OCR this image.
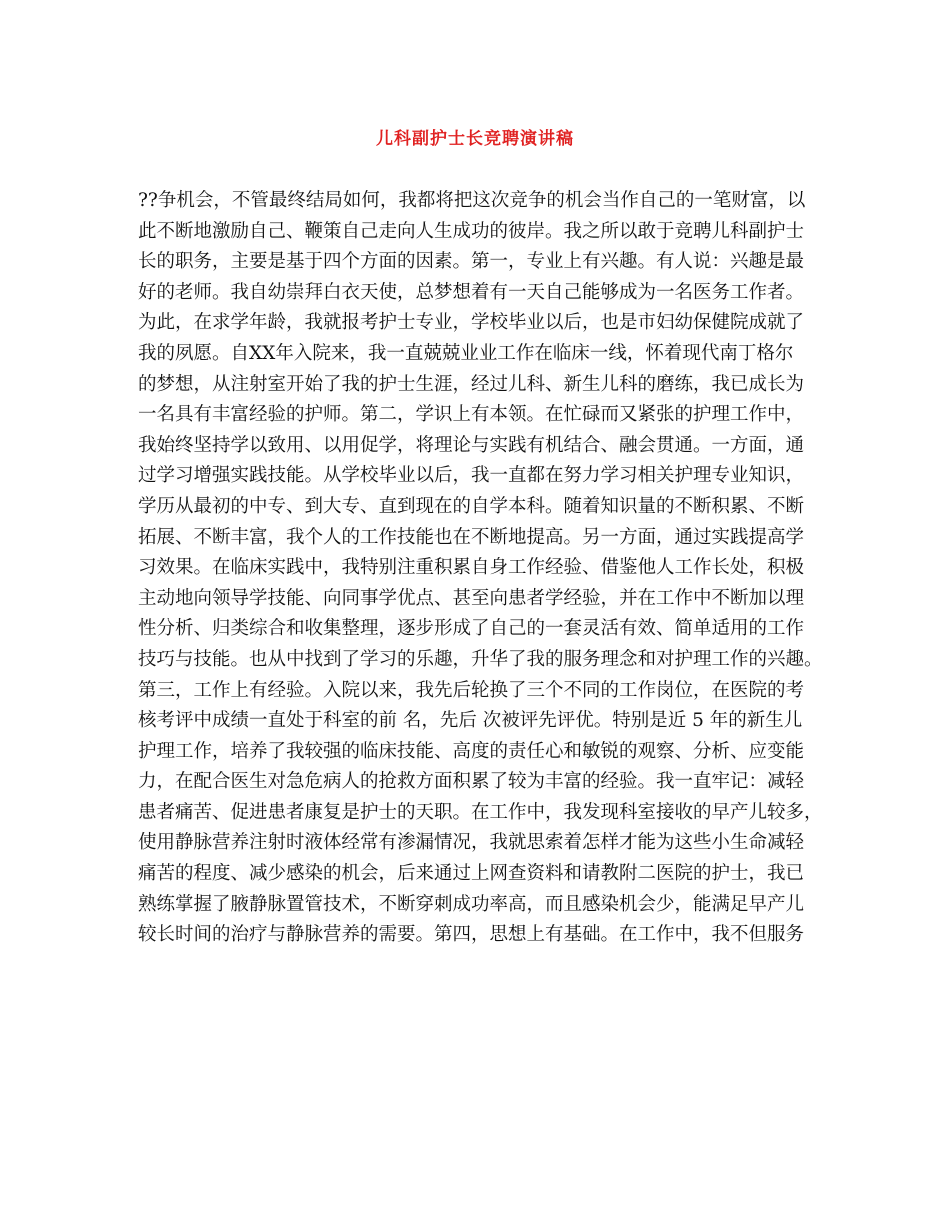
儿科副护士长竞聘演讲稿
??争机会，不管最终结局如何，我都将把这次竞争的机会当作自己的一笔财富，以
此不断地激励自己、鞭策自己走向人生成功的彼岸。我之所以敢于竞聘儿科副护士
长的职务，主要是基于四个方面的因素。第一，专业上有兴趣。有人说：兴趣是最
好的老师。我自幼崇拜白衣天使，总梦想着有一天自己能够成为一名医务工作者。
为此，在求学年龄，我就报考护士专业，学校毕业以后，也是市妇幼保健院成就了
我的夙愿。自XX年入院来，我一直兢兢业业工作在临床一线，怀着现代南丁格尔
的梦想，从注射室开始了我的护士生涯，经过儿科、新生儿科的磨练，我已成长为
一名具有丰富经验的护师。第二，学识上有本领。在忙碌而又紧张的护理工作中，
我始终坚持学以致用、以用促学，将理论与实践有机结合、融会贯通。一方面，通
过学习增强实践技能。从学校毕业以后，我一直都在努力学习相关护理专业知识，
学历从最初的中专、到大专、直到现在的自学本科。随着知识量的不断积累、不断
拓展、不断丰富，我个人的工作技能也在不断地提高。另一方面，通过实践提高学
习效果。在临床实践中，我特别注重积累自身工作经验、借鉴他人工作长处，积极
主动地向领导学技能、向同事学优点、甚至向患者学经验，并在工作中不断加以理
性分析、归类综合和收集整理，逐步形成了自己的一套灵活有效、简单适用的工作
技巧与技能。也从中找到了学习的乐趣，升华了我的服务理念和对护理工作的兴趣。
第三，工作上有经验。入院以来，我先后轮换了三个不同的工作岗位，在医院的考
核考评中成绩一直处于科室的前 名，先后 次被评先评优。特别是近 5 年的新生儿
护理工作，培养了我较强的临床技能、高度的责任心和敏锐的观察、分析、应变能
力，在配合医生对急危病人的抢救方面积累了较为丰富的经验。我一直牢记：减轻
患者痛苦、促进患者康复是护士的天职。在工作中，我发现科室接收的早产儿较多，
使用静脉营养注射时液体经常有渗漏情况，我就思索着怎样才能为这些小生命减轻
痛苦的程度、减少感染的机会，后来通过上网查资料和请教附二医院的护士，我已
熟练掌握了腋静脉置管技术，不断穿刺成功率高，而且感染机会少，能满足早产儿
较长时间的治疗与静脉营养的需要。第四，思想上有基础。在工作中，我不但服务
